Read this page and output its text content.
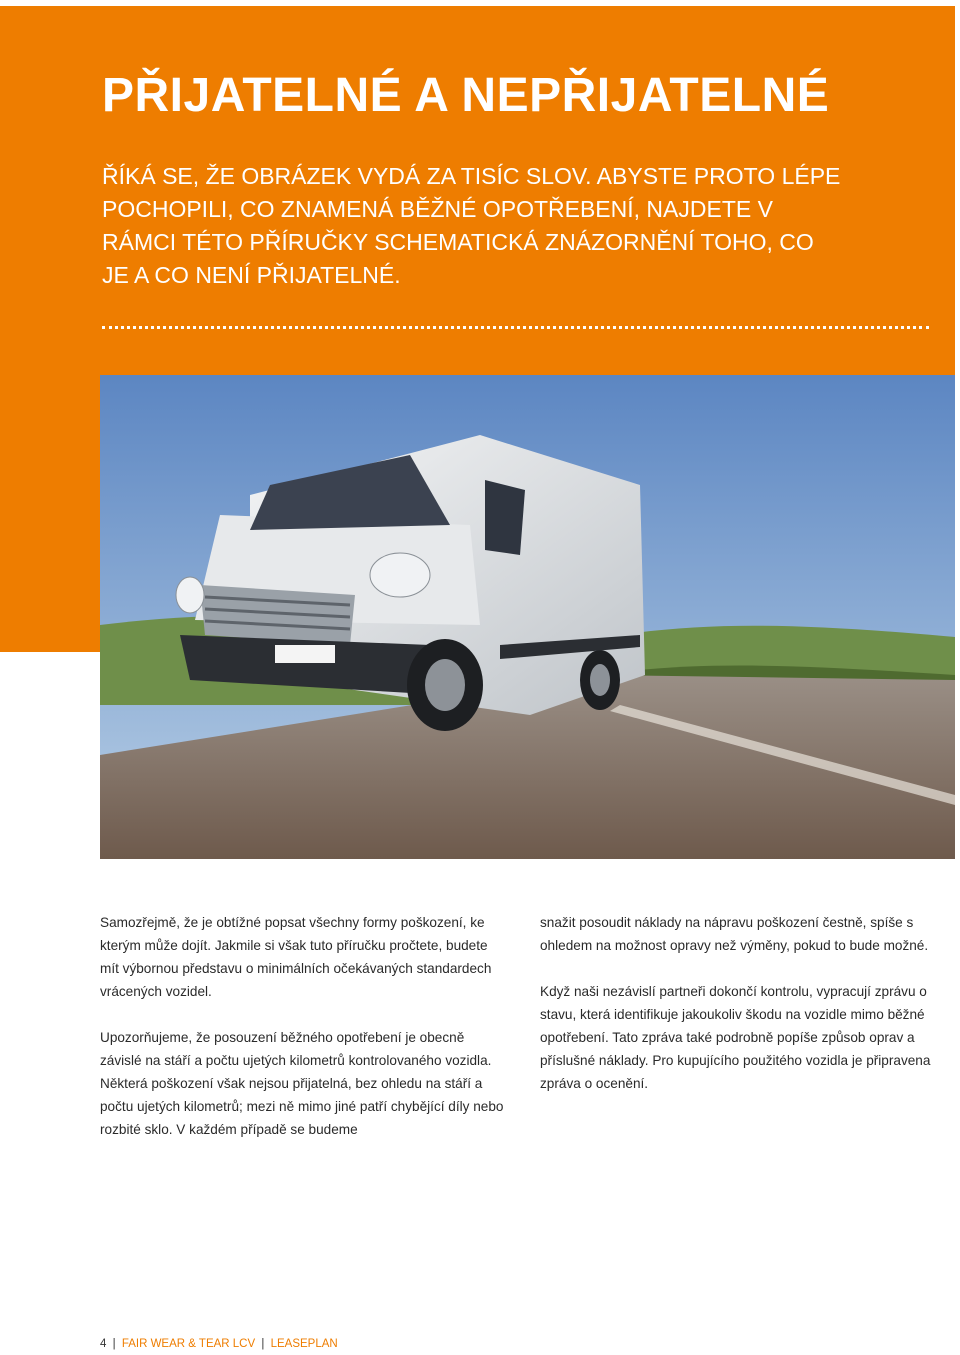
PŘIJATELNÉ A NEPŘIJATELNÉ

ŘÍKÁ SE, ŽE OBRÁZEK VYDÁ ZA TISÍC SLOV. ABYSTE PROTO LÉPE POCHOPILI, CO ZNAMENÁ BĚŽNÉ OPOTŘEBENÍ, NAJDETE V RÁMCI TÉTO PŘÍRUČKY SCHEMATICKÁ ZNÁZORNĚNÍ TOHO, CO JE A CO NENÍ PŘIJATELNÉ.

Samozřejmě, že je obtížné popsat všechny formy poškození, ke kterým může dojít. Jakmile si však tuto příručku pročtete, budete mít výbornou představu o minimálních očekávaných standardech vrácených vozidel.

Upozorňujeme, že posouzení běžného opotřebení je obecně závislé na stáří a počtu ujetých kilometrů kontrolovaného vozidla. Některá poškození však nejsou přijatelná, bez ohledu na stáří a počtu ujetých kilometrů; mezi ně mimo jiné patří chybějící díly nebo rozbité sklo. V každém případě se budeme

snažit posoudit náklady na nápravu poškození čestně, spíše s ohledem na možnost opravy než výměny, pokud to bude možné.

Když naši nezávislí partneři dokončí kontrolu, vypracují zprávu o stavu, která identifikuje jakoukoliv škodu na vozidle mimo běžné opotřebení. Tato zpráva také podrobně popíše způsob oprav a příslušné náklady. Pro kupujícího použitého vozidla je připravena zpráva o ocenění.

4 | FAIR WEAR & TEAR LCV | LEASEPLAN
